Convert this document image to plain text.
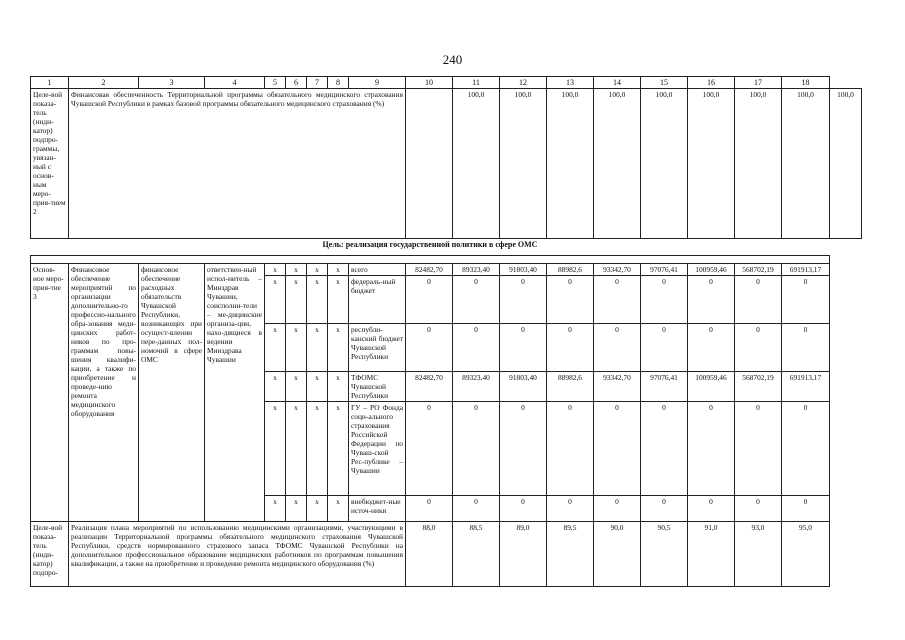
240
1	2	3	4	5	6	7	8	9	10	11	12	13	14	15	16	17	18	
Целе-вой показа-тель (инди-катор) подпро-граммы, увязан-ный с основ-ным меро-прия-тием 2	Финансовая обеспеченность Территориальной программы обязательного медицинского страхования Чувашской Республики в рамках базовой программы обязательного медицинского страхования (%)									100,0	100,0	100,0	100,0	100,0	100,0	100,0	100,0	100,0
Цель: реализация государственной политики в сфере ОМС																		

Основ-ное меро-прия-тие 3	Финансовое обеспечение мероприятий по организации дополнительно-го профессио-нального обра-зования меди-цинских работ-ников по про-граммам повы-шения квалифи-кации, а также по приобретение и проведе-нию ремонта медицинского оборудования	финансовое обеспечение расходных обязательств Чувашской Республики, возникающих при осущест-влении пере-данных пол-номочий в сфере ОМС	ответствен-ный испол-нитель – Минздрав Чувашии, соисполни-тели – ме-дицинские организа-ции, нахо-дящиеся в ведении Минздрава Чувашии	x	x	x	x	всего	82482,70	89323,40	91803,40	88982,6	93342,70	97076,41	100959,46	568702,19	691913,17	
				x	x	x	x	федераль-ный бюджет	0	0	0	0	0	0	0	0	0	
				x	x	x	x	республи-канский бюджет Чувашской Республики	0	0	0	0	0	0	0	0	0	
				x	x	x	x	ТФОМС Чувашской Республики	82482,70	89323,40	91803,40	88982,6	93342,70	97076,41	100959,46	568702,19	691913,17	
				x	x	x	x	ГУ – РО Фонда соци-ального страхования Российской Федерации по Чуваш-ской Рес-публике – Чувашии	0	0	0	0	0	0	0	0	0	
				x	x	x	x	внебюджет-ные источ-ники	0	0	0	0	0	0	0	0	0	
Целе-вой показа-тель (инди-катор) подпро-	Реализация плана мероприятий по использованию медицинскими организациями, участвующими в реализации Территориальной программы обязательного медицинского страхования Чувашской Республики, средств нормированного страхового запаса ТФОМС Чувашской Республики на дополнительное профессиональное образование медицинских работников по программам повышения квалификации, а также на приобретение и проведение ремонта медицинского оборудования (%)								88,0	88,5	89,0	89,5	90,0	90,5	91,0	93,0	95,0	
